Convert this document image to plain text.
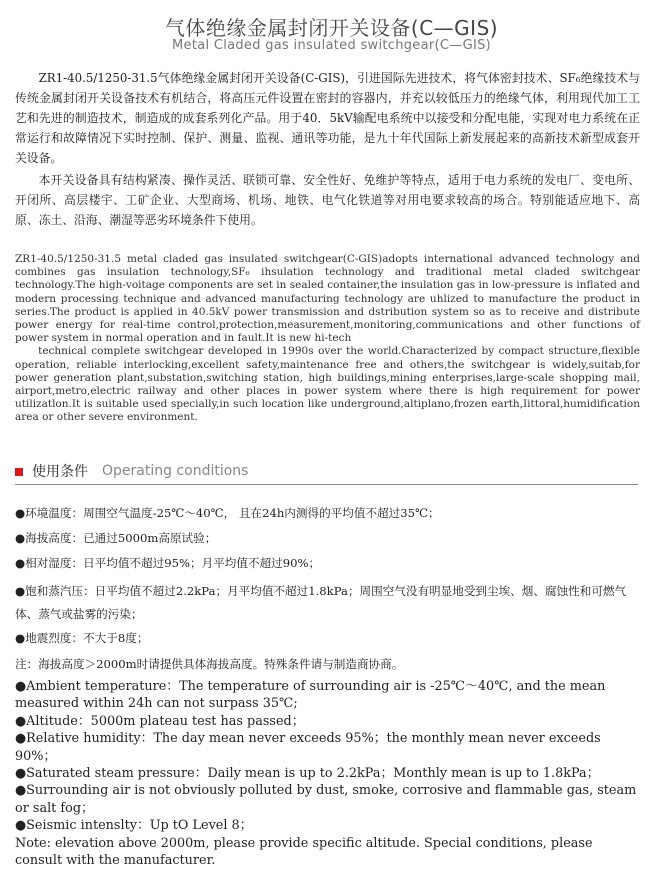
气体绝缘金属封闭开关设备(C—GIS)
Metal Claded gas insulated switchgear(C—GIS)

ZR1-40.5/1250-31.5气体绝缘金属封闭开关设备(C-GIS)，引进国际先进技术，将气体密封技术、SF₆绝缘技术与传统金属封闭开关设备技术有机结合，将高压元件设置在密封的容器内，并充以较低压力的绝缘气体，利用现代加工工艺和先进的制造技术，制造成的成套系列化产品。用于40．5kV输配电系统中以接受和分配电能，实现对电力系统在正常运行和故障情况下实时控制、保护、测量、监视、通讯等功能，是九十年代国际上新发展起来的高新技术新型成套开关设备。

本开关设备具有结构紧凑、操作灵活、联锁可靠、安全性好、免维护等特点，适用于电力系统的发电厂、变电所、开闭所、高层楼宇、工矿企业、大型商场、机场、地铁、电气化铁道等对用电要求较高的场合。特别能适应地下、高原、冻土、沿海、潮湿等恶劣环境条件下使用。

ZR1-40.5/1250-31.5 metal claded gas insulated switchgear(C-GIS)adopts international advanced technology and combines gas insulation technology,SF₆ ihsulation technology and traditional metal claded switchgear technology.The high-voitage components are set in sealed container,the insulation gas in low-pressure is inflated and modern processing technique and advanced manufacturing technology are uhlized to manufacture the product in series.The product is applied in 40.5kV power transmission and dstribution system so as to receive and distribute power energy for real-time control,protection,measurement,monitoring,communications and other functions of power system in normal operation and in fault.It is new hi-tech
technical complete switchgear developed in 1990s over the world.Characterized by compact structure,flexible operation, reliable interlocking,excellent safety,maintenance free and others,the switchgear is widely,suitab,for power generation plant,substation,switching station, high buildings,mining enterprises,large-scale shopping mail, airport,metro,electric railway and other places in power system where there is high requirement for power utilizatlon.It is suitable used specially,in such location like underground,altiplano,frozen earth,Iittoral,humidification area or other severe environment.
使用条件 Operating conditions
●环境温度：周围空气温度-25℃～40℃， 且在24h内测得的平均值不超过35℃；
●海拔高度：已通过5000m高原试验；
●相对湿度：日平均值不超过95%；月平均值不超过90%；
●饱和蒸汽压：日平均值不超过2.2kPa；月平均值不超过1.8kPa；周围空气没有明显地受到尘埃、烟、腐蚀性和可燃气体、蒸气或盐雾的污染；
●地震烈度：不大于8度；
注：海拔高度＞2000m时请提供具体海拔高度。特殊条件请与制造商协商。

●Ambient temperature：The temperature of surrounding air is -25℃～40℃, and the mean measured within 24h can not surpass 35℃;

●Altitude：5000m plateau test has passed；

●Relative humidity：The day mean never exceeds 95%；the monthly mean never exceeds 90%；

●Saturated steam pressure：Daily mean is up to 2.2kPa；Monthly mean is up to 1.8kPa；

●Surrounding air is not obviously polluted by dust, smoke, corrosive and flammable gas, steam or salt fog；

●Seismic intenslty：Up tO Level 8；

Note: elevation above 2000m, please provide specific altitude. Special conditions, please consult with the manufacturer.
